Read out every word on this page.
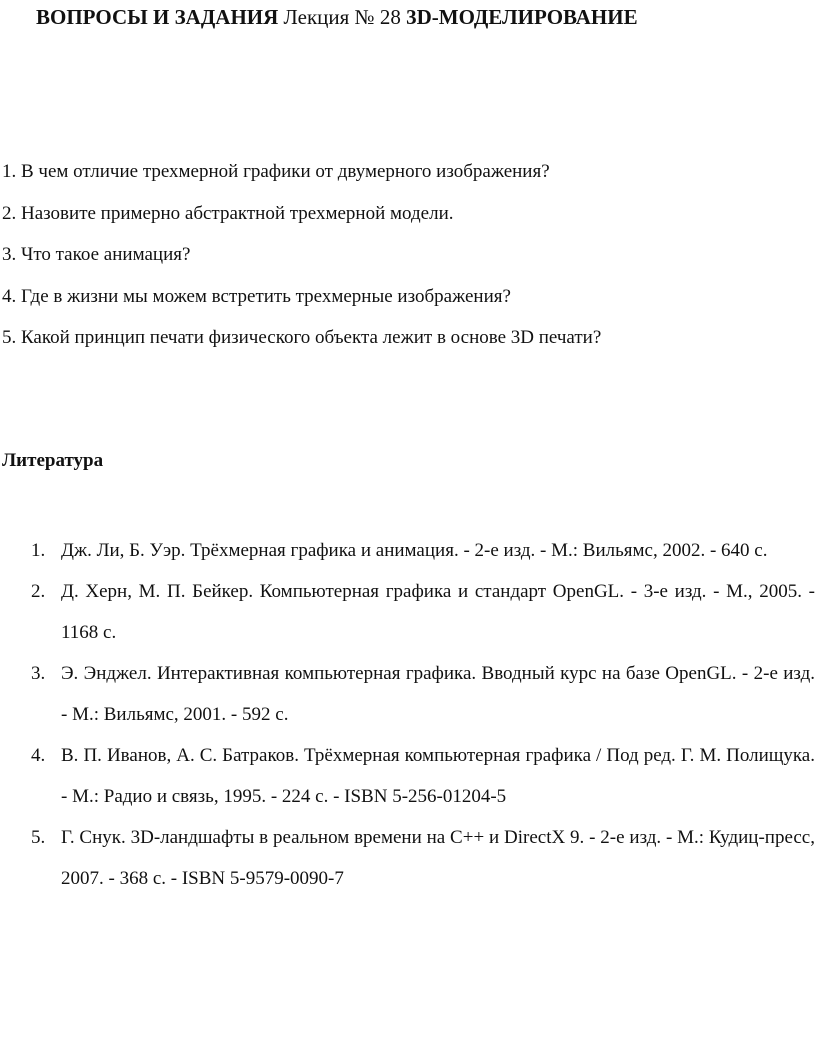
ВОПРОСЫ И ЗАДАНИЯ Лекция № 28 3D-МОДЕЛИРОВАНИЕ
1. В чем отличие трехмерной графики от двумерного изображения?
2. Назовите примерно абстрактной трехмерной модели.
3. Что такое анимация?
4. Где в жизни мы можем встретить трехмерные изображения?
5. Какой принцип печати физического объекта лежит в основе 3D печати?
Литература
1. Дж. Ли, Б. Уэр. Трёхмерная графика и анимация. - 2-е изд. - М.: Вильямс, 2002. - 640 с.
2. Д. Херн, М. П. Бейкер. Компьютерная графика и стандарт OpenGL. - 3-е изд. - М., 2005. - 1168 с.
3. Э. Энджел. Интерактивная компьютерная графика. Вводный курс на базе OpenGL. - 2-е изд. - М.: Вильямс, 2001. - 592 с.
4. В. П. Иванов, А. С. Батраков. Трёхмерная компьютерная графика / Под ред. Г. М. Полищука. - М.: Радио и связь, 1995. - 224 с. - ISBN 5-256-01204-5
5. Г. Снук. 3D-ландшафты в реальном времени на C++ и DirectX 9. - 2-е изд. - М.: Кудиц-пресс, 2007. - 368 с. - ISBN 5-9579-0090-7
